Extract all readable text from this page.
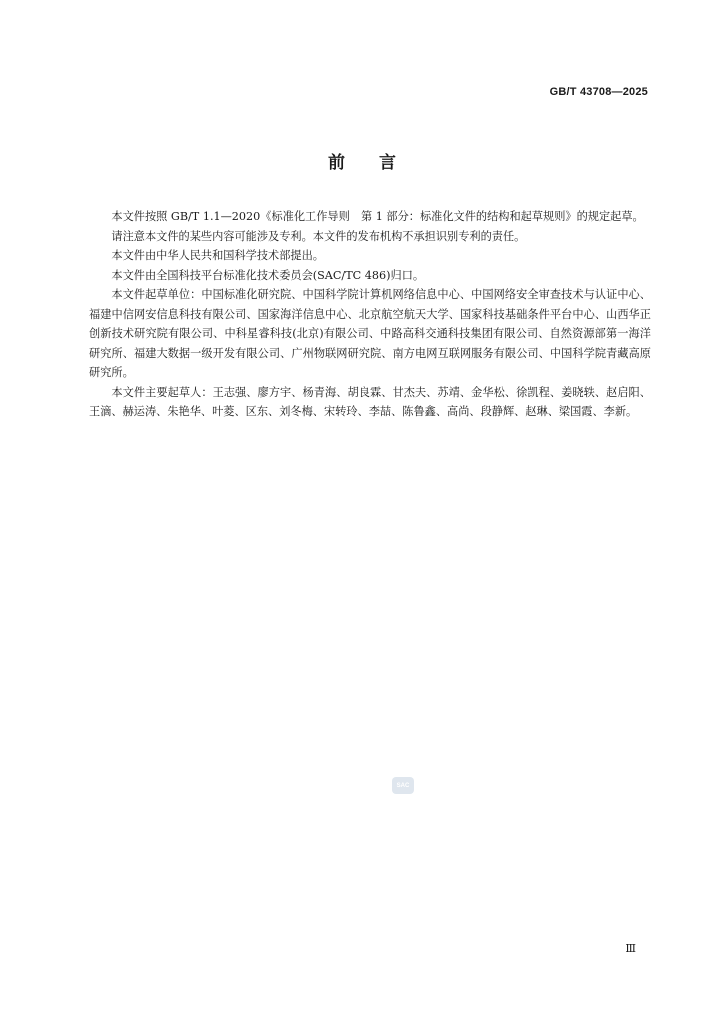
GB/T 43708—2025
前言

本文件按照 GB/T 1.1—2020《标准化工作导则　第 1 部分：标准化文件的结构和起草规则》的规定起草。

请注意本文件的某些内容可能涉及专利。本文件的发布机构不承担识别专利的责任。

本文件由中华人民共和国科学技术部提出。

本文件由全国科技平台标准化技术委员会(SAC/TC 486)归口。

本文件起草单位：中国标准化研究院、中国科学院计算机网络信息中心、中国网络安全审查技术与认证中心、福建中信网安信息科技有限公司、国家海洋信息中心、北京航空航天大学、国家科技基础条件平台中心、山西华正创新技术研究院有限公司、中科星睿科技(北京)有限公司、中路高科交通科技集团有限公司、自然资源部第一海洋研究所、福建大数据一级开发有限公司、广州物联网研究院、南方电网互联网服务有限公司、中国科学院青藏高原研究所。

本文件主要起草人：王志强、廖方宇、杨青海、胡良霖、甘杰夫、苏靖、金华松、徐凯程、姜晓轶、赵启阳、王滴、赫运涛、朱艳华、叶菱、区东、刘冬梅、宋转玲、李喆、陈鲁鑫、高尚、段静辉、赵琳、梁国霞、李新。

SAC
Ⅲ
